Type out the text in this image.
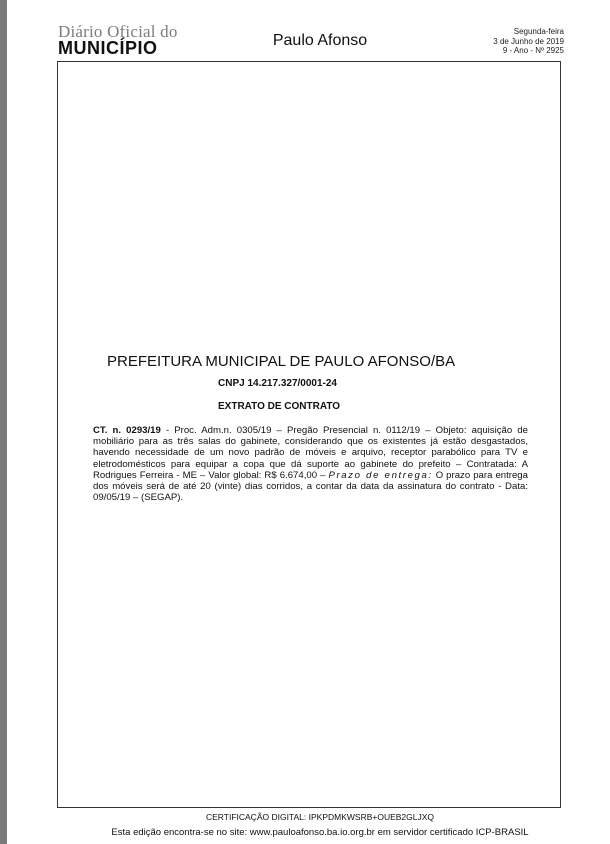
Diário Oficial do
MUNICÍPIO	Paulo Afonso
Segunda-feira
3 de Junho de 2019
9 - Ano - Nº 2925
PREFEITURA MUNICIPAL DE PAULO AFONSO/BA
CNPJ 14.217.327/0001-24
EXTRATO DE CONTRATO
CT. n. 0293/19 - Proc. Adm.n. 0305/19 – Pregão Presencial n. 0112/19 – Objeto: aquisição de mobiliário para as três salas do gabinete, considerando que os existentes já estão desgastados, havendo necessidade de um novo padrão de móveis e arquivo, receptor parabólico para TV e eletrodomésticos para equipar a copa que dá suporte ao gabinete do prefeito – Contratada: A Rodrigues Ferreira - ME – Valor global: R$ 6.674,00 – Prazo de entrega: O prazo para entrega dos móveis será de até 20 (vinte) dias corridos, a contar da data da assinatura do contrato - Data: 09/05/19 – (SEGAP).
CERTIFICAÇÃO DIGITAL: IPKPDMKWSRB+OUEB2GLJXQ
Esta edição encontra-se no site: www.pauloafonso.ba.io.org.br em servidor certificado ICP-BRASIL
